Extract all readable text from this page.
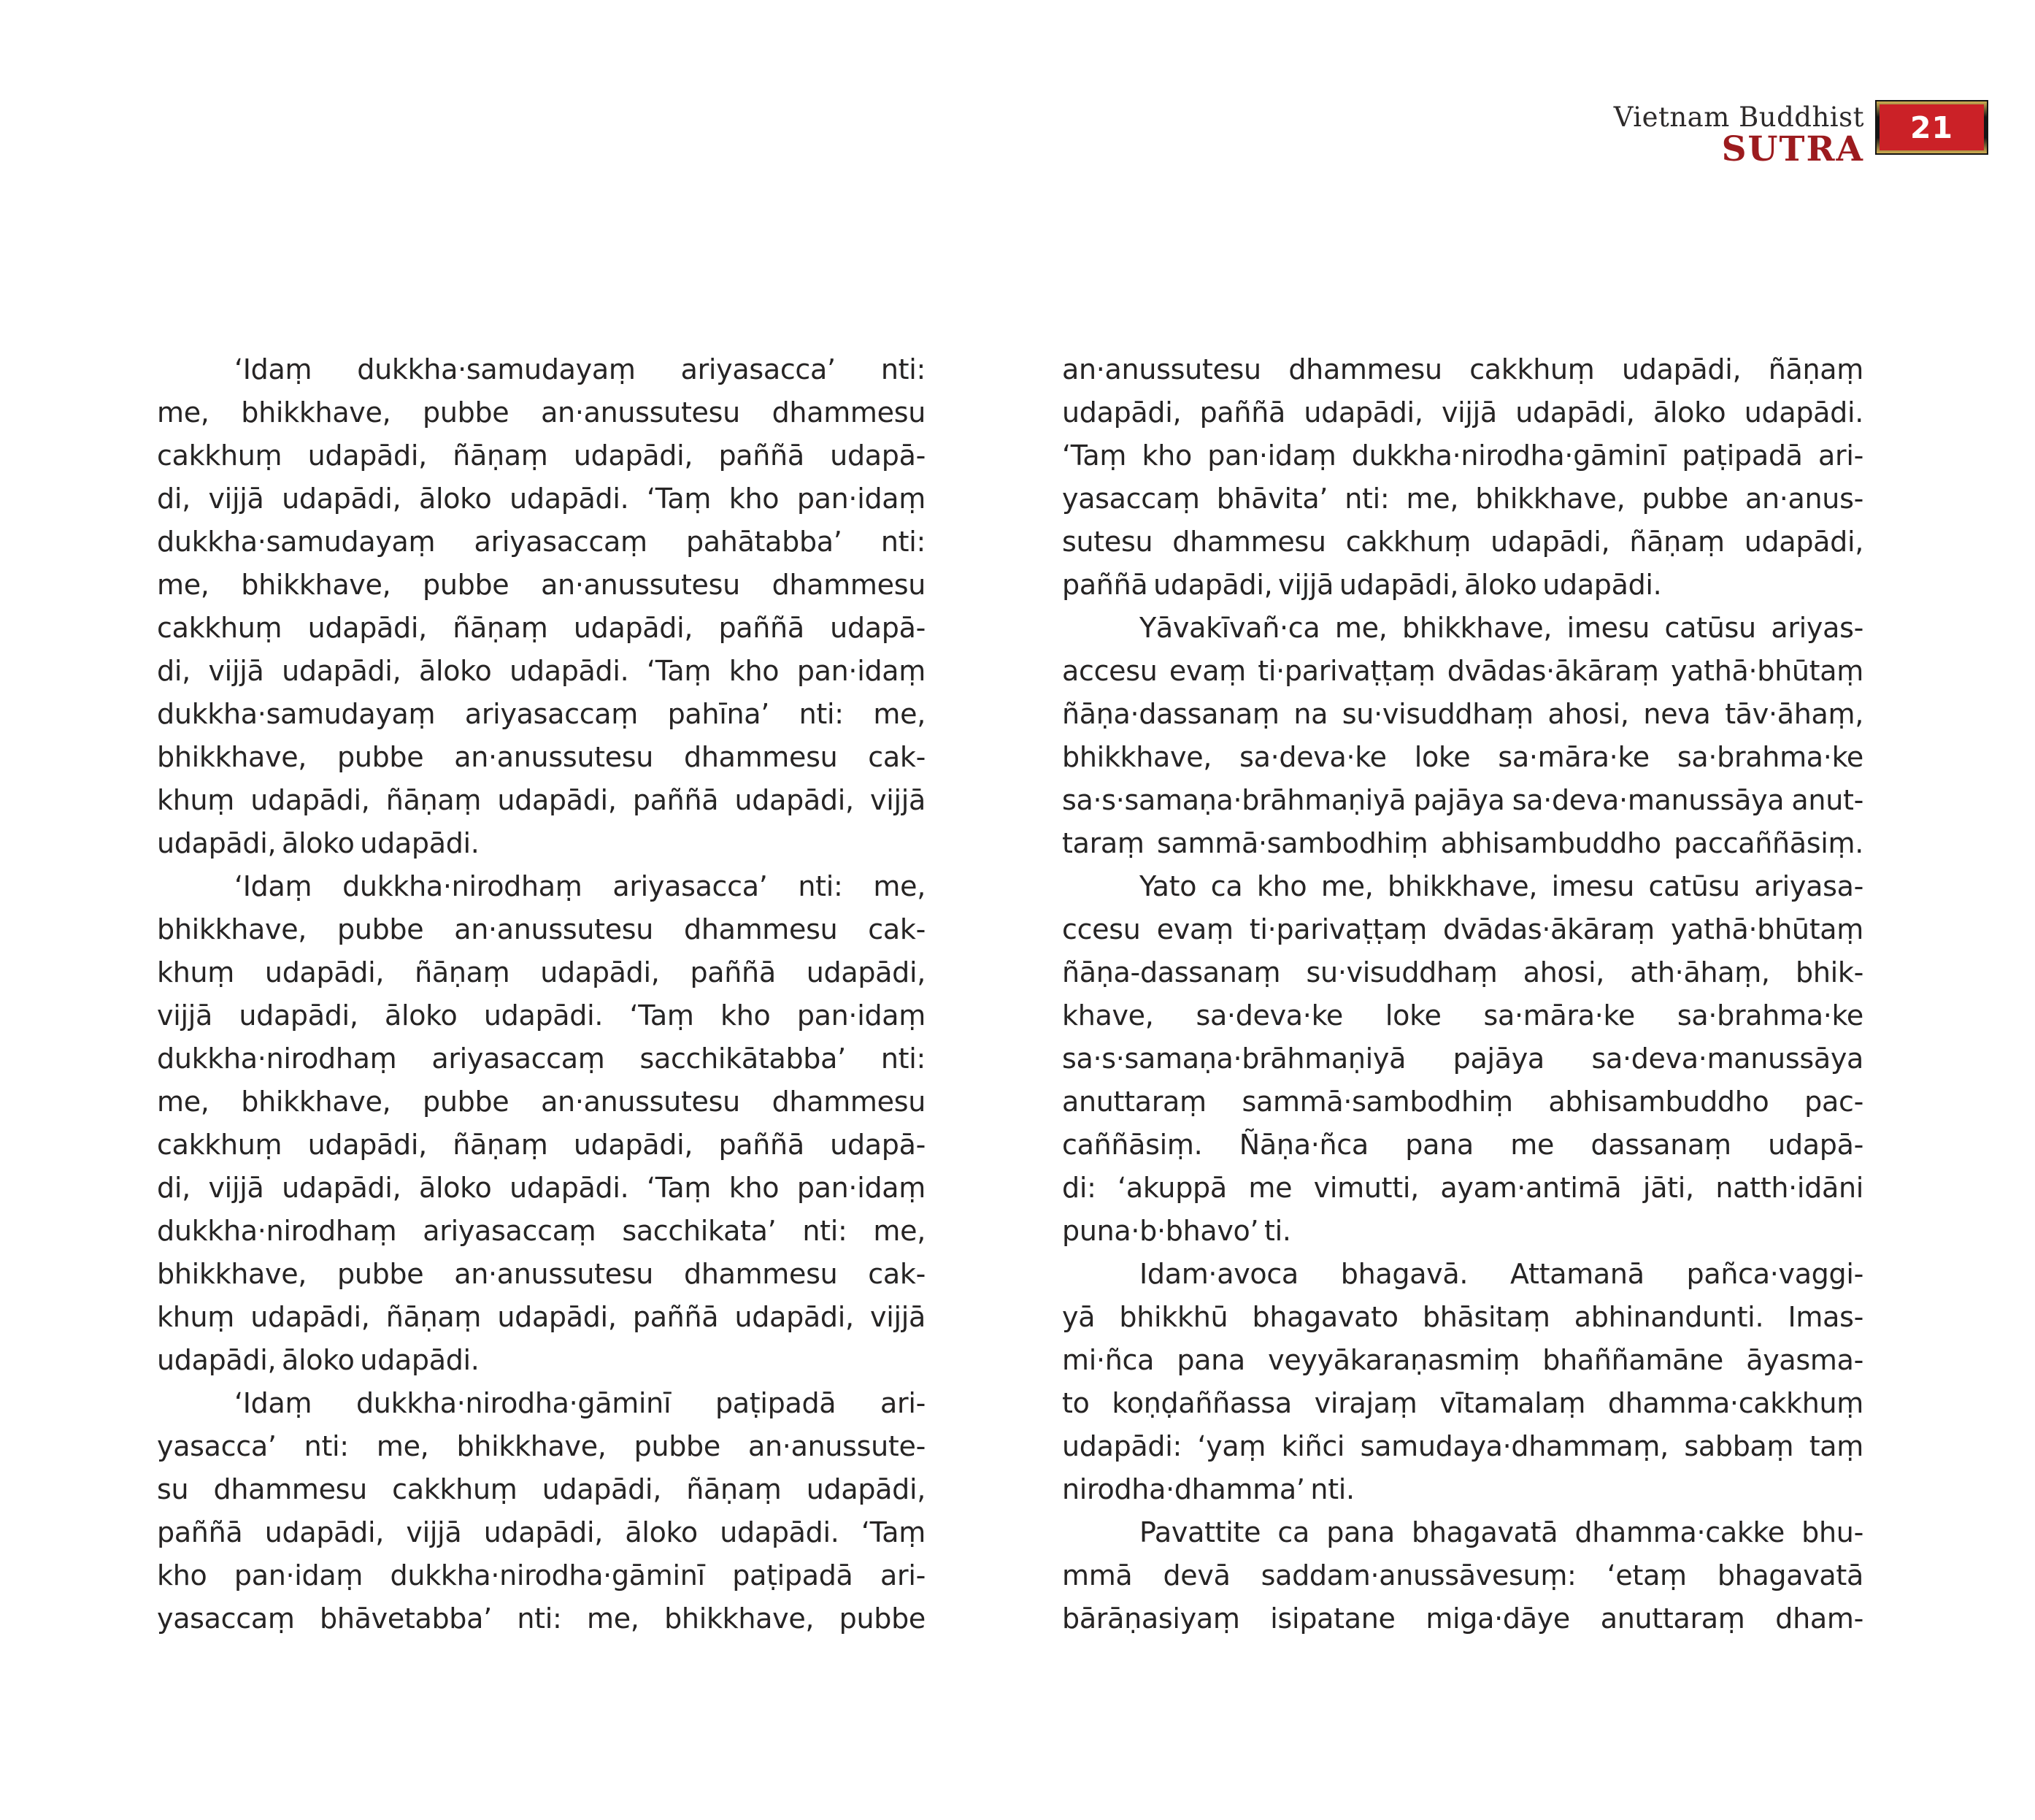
Vietnam Buddhist
SUTRA
21
‘Idaṃ dukkha·samudayaṃ ariyasacca’ nti:
me, bhikkhave, pubbe an·anussutesu dhammesu
cakkhuṃ udapādi, ñāṇaṃ udapādi, paññā udapā-
di, vijjā udapādi, āloko udapādi. ‘Taṃ kho pan·idaṃ
dukkha·samudayaṃ ariyasaccaṃ pahātabba’ nti:
me, bhikkhave, pubbe an·anussutesu dhammesu
cakkhuṃ udapādi, ñāṇaṃ udapādi, paññā udapā-
di, vijjā udapādi, āloko udapādi. ‘Taṃ kho pan·idaṃ
dukkha·samudayaṃ ariyasaccaṃ pahīna’ nti: me,
bhikkhave, pubbe an·anussutesu dhammesu cak-
khuṃ udapādi, ñāṇaṃ udapādi, paññā udapādi, vijjā
udapādi, āloko udapādi.
‘Idaṃ dukkha·nirodhaṃ ariyasacca’ nti: me,
bhikkhave, pubbe an·anussutesu dhammesu cak-
khuṃ udapādi, ñāṇaṃ udapādi, paññā udapādi,
vijjā udapādi, āloko udapādi. ‘Taṃ kho pan·idaṃ
dukkha·nirodhaṃ ariyasaccaṃ sacchikātabba’ nti:
me, bhikkhave, pubbe an·anussutesu dhammesu
cakkhuṃ udapādi, ñāṇaṃ udapādi, paññā udapā-
di, vijjā udapādi, āloko udapādi. ‘Taṃ kho pan·idaṃ
dukkha·nirodhaṃ ariyasaccaṃ sacchikata’ nti: me,
bhikkhave, pubbe an·anussutesu dhammesu cak-
khuṃ udapādi, ñāṇaṃ udapādi, paññā udapādi, vijjā
udapādi, āloko udapādi.
‘Idaṃ dukkha·nirodha·gāminī paṭipadā ari-
yasacca’ nti: me, bhikkhave, pubbe an·anussute-
su dhammesu cakkhuṃ udapādi, ñāṇaṃ udapādi,
paññā udapādi, vijjā udapādi, āloko udapādi. ‘Taṃ
kho pan·idaṃ dukkha·nirodha·gāminī paṭipadā ari-
yasaccaṃ bhāvetabba’ nti: me, bhikkhave, pubbe
an·anussutesu dhammesu cakkhuṃ udapādi, ñāṇaṃ
udapādi, paññā udapādi, vijjā udapādi, āloko udapādi.
‘Taṃ kho pan·idaṃ dukkha·nirodha·gāminī paṭipadā ari-
yasaccaṃ bhāvita’ nti: me, bhikkhave, pubbe an·anus-
sutesu dhammesu cakkhuṃ udapādi, ñāṇaṃ udapādi,
paññā udapādi, vijjā udapādi, āloko udapādi.
Yāvakīvañ·ca me, bhikkhave, imesu catūsu ariyas-
accesu evaṃ ti·parivaṭṭaṃ dvādas·ākāraṃ yathā·bhūtaṃ
ñāṇa·dassanaṃ na su·visuddhaṃ ahosi, neva tāv·āhaṃ,
bhikkhave, sa·deva·ke loke sa·māra·ke sa·brahma·ke
sa·s·samaṇa·brāhmaṇiyā pajāya sa·deva·manussāya anut-
taraṃ sammā·sambodhiṃ abhisambuddho paccaññāsiṃ.
Yato ca kho me, bhikkhave, imesu catūsu ariyasa-
ccesu evaṃ ti·parivaṭṭaṃ dvādas·ākāraṃ yathā·bhūtaṃ
ñāṇa-dassanaṃ su·visuddhaṃ ahosi, ath·āhaṃ, bhik-
khave, sa·deva·ke loke sa·māra·ke sa·brahma·ke
sa·s·samaṇa·brāhmaṇiyā pajāya sa·deva·manussāya
anuttaraṃ sammā·sambodhiṃ abhisambuddho pac-
caññāsiṃ. Ñāṇa·ñca pana me dassanaṃ udapā-
di: ‘akuppā me vimutti, ayam·antimā jāti, natth·idāni
puna·b·bhavo’ ti.
Idam·avoca bhagavā. Attamanā pañca·vaggi-
yā bhikkhū bhagavato bhāsitaṃ abhinandunti. Imas-
mi·ñca pana veyyākaraṇasmiṃ bhaññamāne āyasma-
to koṇḍaññassa virajaṃ vītamalaṃ dhamma·cakkhuṃ
udapādi: ‘yaṃ kiñci samudaya·dhammaṃ, sabbaṃ taṃ
nirodha·dhamma’ nti.
Pavattite ca pana bhagavatā dhamma·cakke bhu-
mmā devā saddam·anussāvesuṃ: ‘etaṃ bhagavatā
bārāṇasiyaṃ isipatane miga·dāye anuttaraṃ dham-
